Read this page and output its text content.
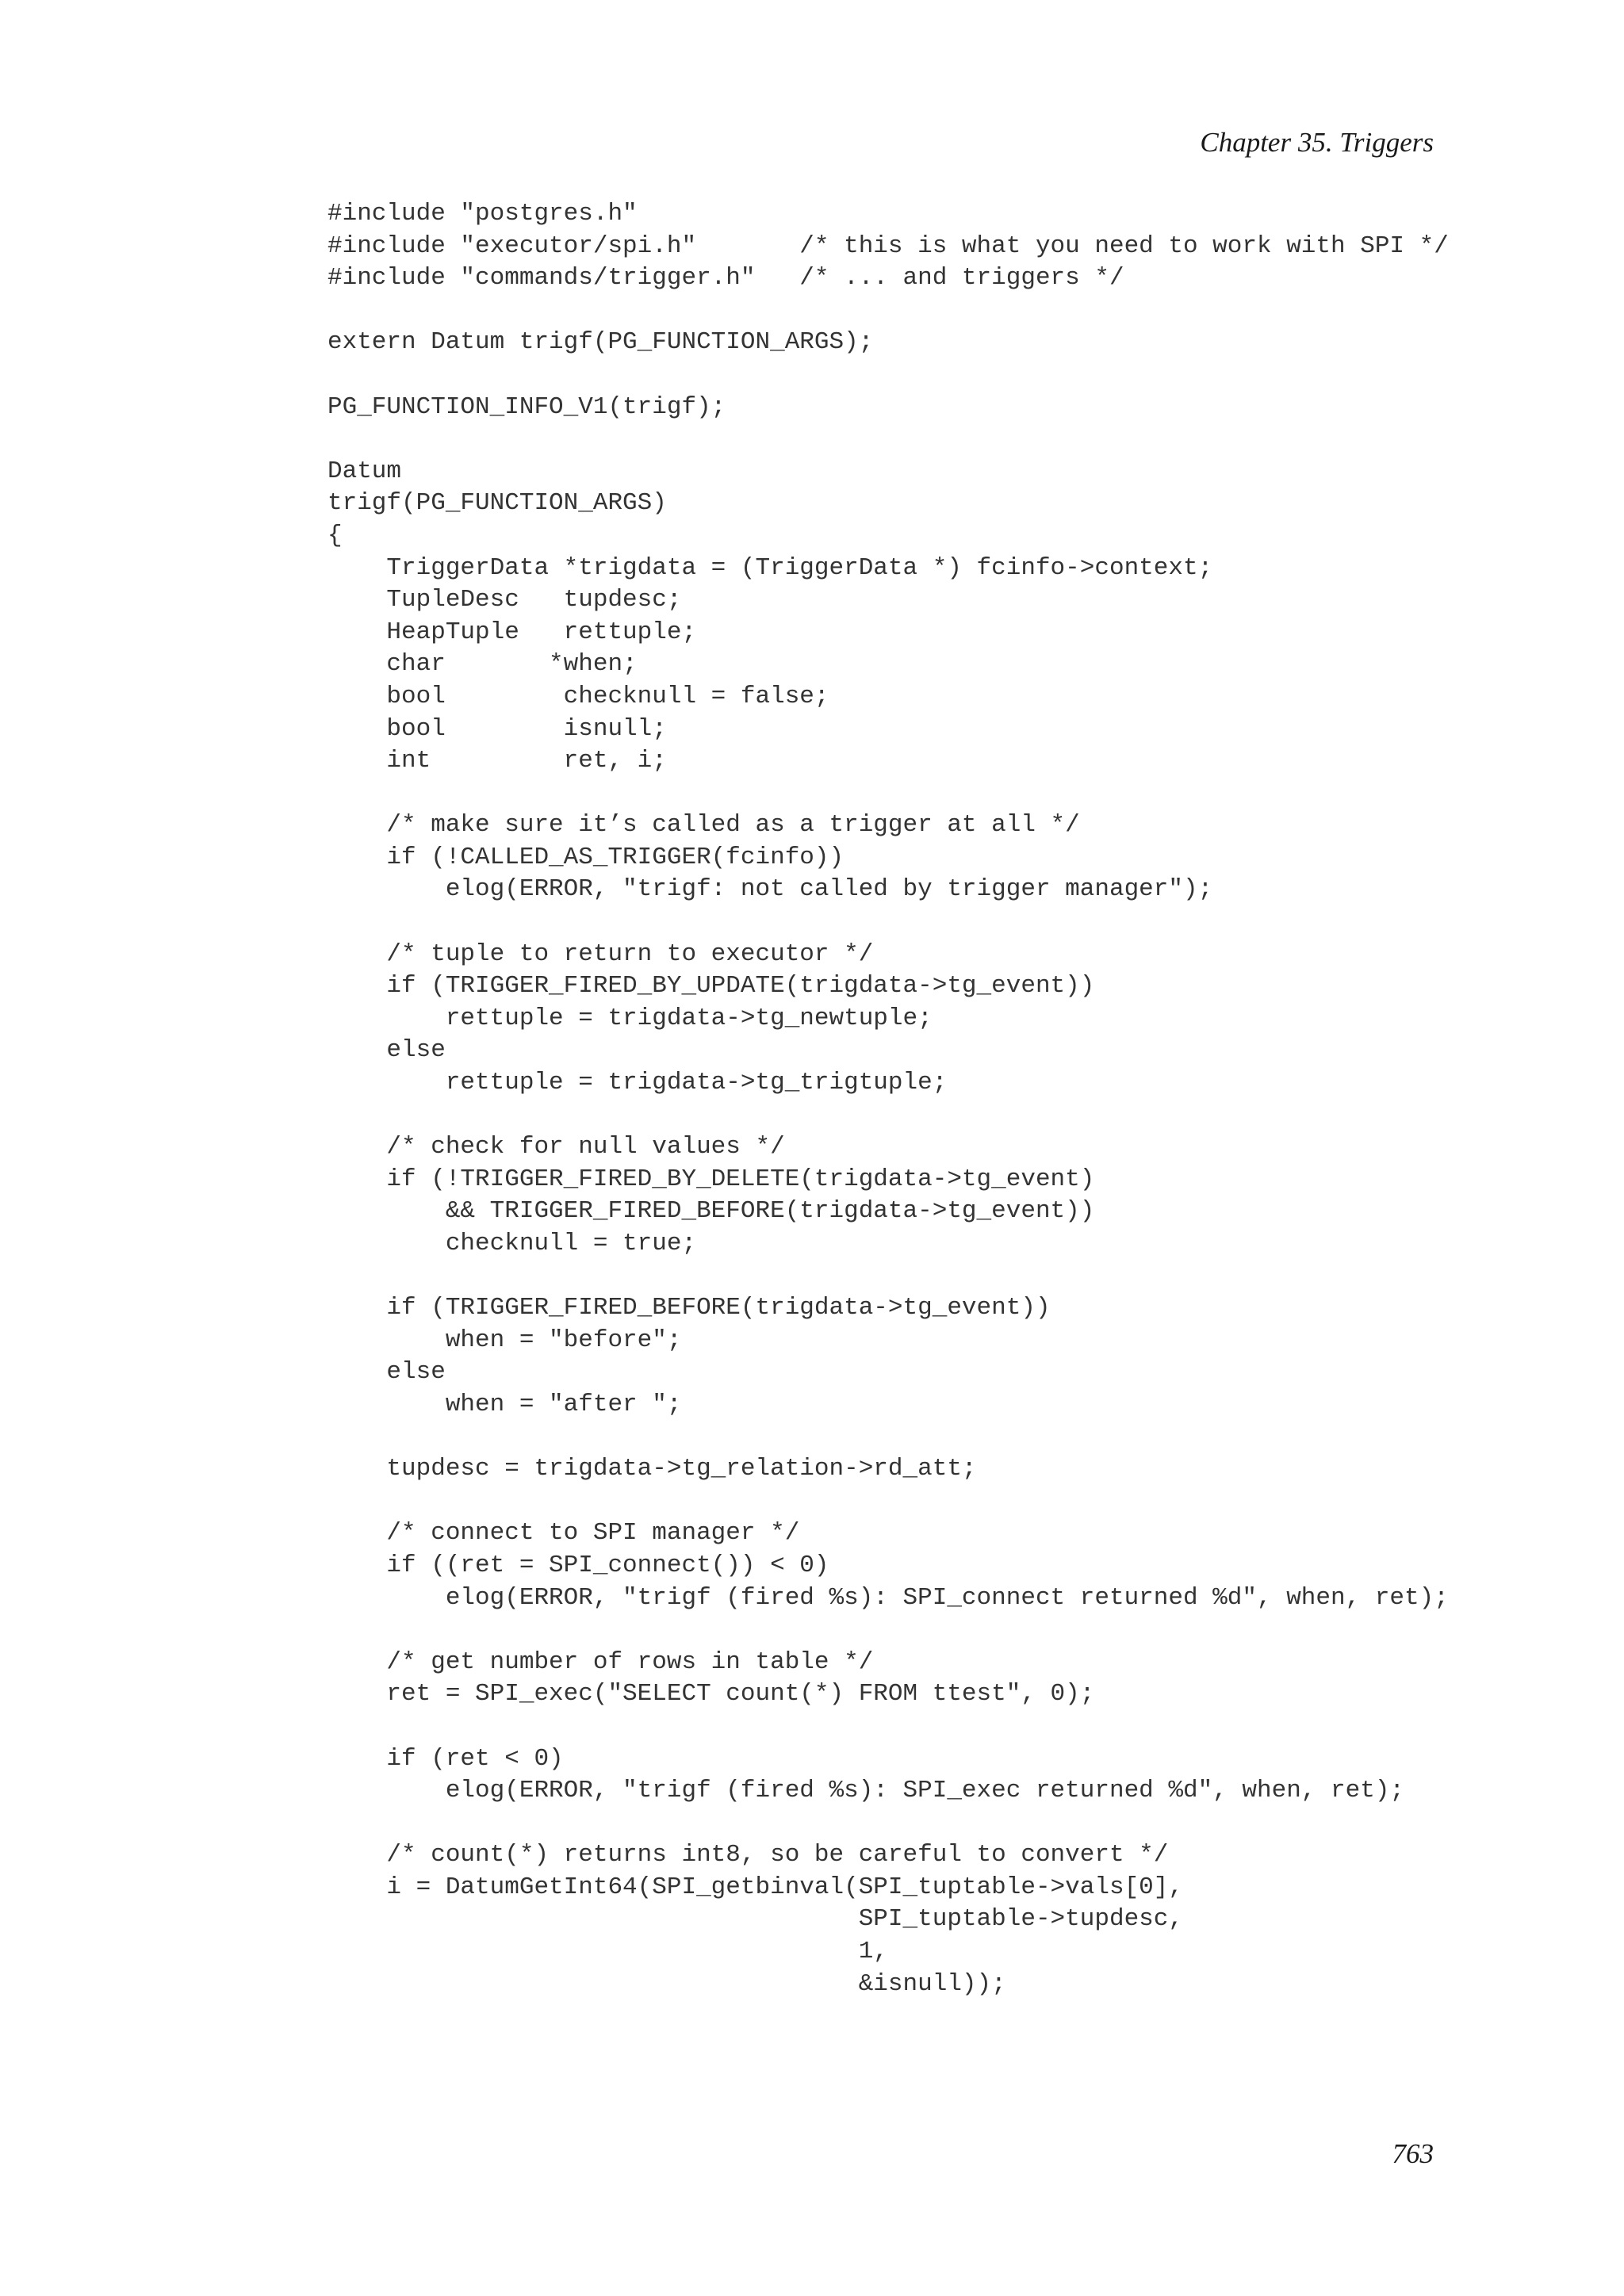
Chapter 35. Triggers
#include "postgres.h"
#include "executor/spi.h"       /* this is what you need to work with SPI */
#include "commands/trigger.h"   /* ... and triggers */
extern Datum trigf(PG_FUNCTION_ARGS);
PG_FUNCTION_INFO_V1(trigf);
Datum
trigf(PG_FUNCTION_ARGS)
{
TriggerData *trigdata = (TriggerData *) fcinfo->context;
TupleDesc   tupdesc;
HeapTuple   rettuple;
char       *when;
bool        checknull = false;
bool        isnull;
int         ret, i;
/* make sure it’s called as a trigger at all */
if (!CALLED_AS_TRIGGER(fcinfo))
elog(ERROR, "trigf: not called by trigger manager");
/* tuple to return to executor */
if (TRIGGER_FIRED_BY_UPDATE(trigdata->tg_event))
rettuple = trigdata->tg_newtuple;
else
rettuple = trigdata->tg_trigtuple;
/* check for null values */
if (!TRIGGER_FIRED_BY_DELETE(trigdata->tg_event)
&& TRIGGER_FIRED_BEFORE(trigdata->tg_event))
checknull = true;
if (TRIGGER_FIRED_BEFORE(trigdata->tg_event))
when = "before";
else
when = "after ";
tupdesc = trigdata->tg_relation->rd_att;
/* connect to SPI manager */
if ((ret = SPI_connect()) < 0)
elog(ERROR, "trigf (fired %s): SPI_connect returned %d", when, ret);
/* get number of rows in table */
ret = SPI_exec("SELECT count(*) FROM ttest", 0);
if (ret < 0)
elog(ERROR, "trigf (fired %s): SPI_exec returned %d", when, ret);
/* count(*) returns int8, so be careful to convert */
i = DatumGetInt64(SPI_getbinval(SPI_tuptable->vals[0],
SPI_tuptable->tupdesc,
1,
&isnull));
763
